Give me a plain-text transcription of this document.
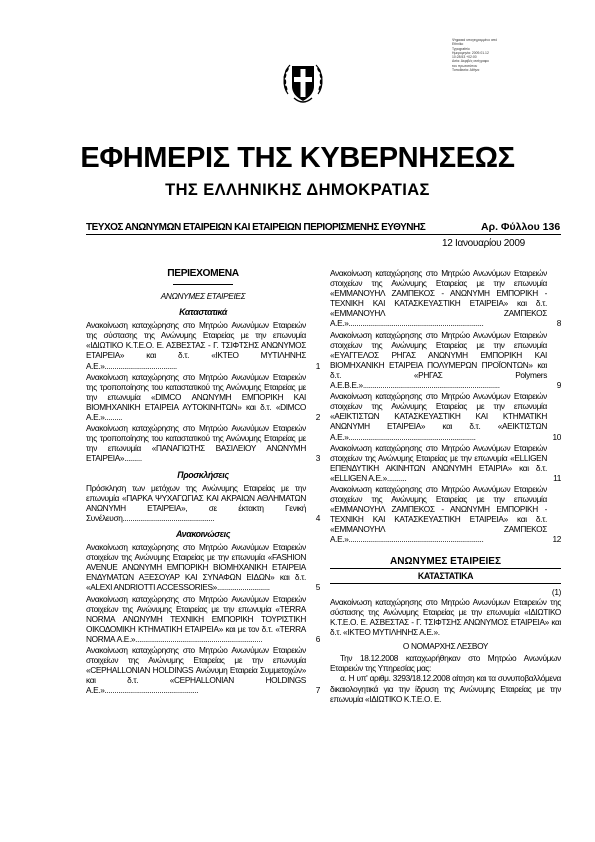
Ψηφιακά υπογεγραμμένο από
Ethniko
Typografeio
Ημερομηνία: 2009.01.12
10:28:53 +02:00
Αιτία: Ακριβές αντίγραφο
του πρωτοτύπου
Τοποθεσία: Αθήνα
ΕΦΗΜΕΡΙΣ ΤΗΣ ΚΥΒΕΡΝΗΣΕΩΣ
ΤΗΣ ΕΛΛΗΝΙΚΗΣ ΔΗΜΟΚΡΑΤΙΑΣ
ΤΕΥΧΟΣ ΑΝΩΝΥΜΩΝ ΕΤΑΙΡΕΙΩΝ ΚΑΙ ΕΤΑΙΡΕΙΩΝ ΠΕΡΙΟΡΙΣΜΕΝΗΣ ΕΥΘΥΝΗΣ	Αρ. Φύλλου 136
12 Ιανουαρίου 2009
ΠΕΡΙΕΧΟΜΕΝΑ
ΑΝΩΝΥΜΕΣ ΕΤΑΙΡΕΙΕΣ
Καταστατικά
Ανακοίνωση καταχώρησης στο Μητρώο Ανωνύμων Εταιρειών της σύστασης της Ανώνυμης Εταιρείας με την επωνυμία «ΙΔΙΩΤΙΚΟ Κ.Τ.Ε.Ο. Ε. ΑΣΒΕΣΤΑΣ - Γ. ΤΣΙΦΤΣΗΣ ΑΝΩΝΥΜΟΣ ΕΤΑΙΡΕΙΑ» και δ.τ. «ΙΚΤΕΟ ΜΥΤΙΛΗΝΗΣ Α.Ε.».....................................	1
Ανακοίνωση καταχώρησης στο Μητρώο Ανωνύμων Εταιρειών της τροποποίησης του καταστατικού της Ανώνυμης Εταιρείας με την επωνυμία «DIMCO ΑΝΩΝΥΜΗ ΕΜΠΟΡΙΚΗ ΚΑΙ ΒΙΟΜΗΧΑΝΙΚΗ ΕΤΑΙΡΕΙΑ ΑΥΤΟΚΙΝΗΤΩΝ» και δ.τ. «DIMCO A.E.».........	2
Ανακοίνωση καταχώρησης στο Μητρώο Ανωνύμων Εταιρειών της τροποποίησης του καταστατικού της Ανώνυμης Εταιρείας με την επωνυμία «ΠΑΝΑΓΙΩΤΗΣ ΒΑΣΙΛΕΙΟΥ ΑΝΩΝΥΜΗ ΕΤΑΙΡΕΙΑ».........	3
Προσκλήσεις
Πρόσκληση των μετόχων της Ανώνυμης Εταιρείας με την επωνυμία «ΠΑΡΚΑ ΨΥΧΑΓΩΓΙΑΣ ΚΑΙ ΑΚΡΑΙΩΝ ΑΘΛΗΜΑΤΩΝ ΑΝΩΝΥΜΗ ΕΤΑΙΡΕΙΑ», σε έκτακτη Γενική Συνέλευση...............................................	4
Ανακοινώσεις
Ανακοίνωση καταχώρησης στο Μητρώο Ανωνύμων Εταιρειών στοιχείων της Ανώνυμης Εταιρείας με την επωνυμία «FASHION AVENUE ΑΝΩΝΥΜΗ ΕΜΠΟΡΙΚΗ ΒΙΟΜΗΧΑΝΙΚΗ ΕΤΑΙΡΕΙΑ ΕΝΔΥΜΑΤΩΝ ΑΞΕΣΟΥΑΡ ΚΑΙ ΣΥΝΑΦΩΝ ΕΙΔΩΝ» και δ.τ. «ALEXI ANDRIOTTI ACCESSORIES»...........................	5
Ανακοίνωση καταχώρησης στο Μητρώο Ανωνύμων Εταιρειών στοιχείων της Ανώνυμης Εταιρείας με την επωνυμία «TERRA NORMA ΑΝΩΝΥΜΗ ΤΕΧΝΙΚΗ ΕΜΠΟΡΙΚΗ ΤΟΥΡΙΣΤΙΚΗ ΟΙΚΟΔΟΜΙΚΗ ΚΤΗΜΑΤΙΚΗ ΕΤΑΙΡΕΙΑ» και με τον δ.τ. «TERRA NORMA Α.Ε.».................................................................	6
Ανακοίνωση καταχώρησης στο Μητρώο Ανωνύμων Εταιρειών στοιχείων της Ανώνυμης Εταιρείας με την επωνυμία «CEPHALLONIAN HOLDINGS Ανώνυμη Εταιρεία Συμμετοχών» και δ.τ. «CEPHALLONIAN HOLDINGS A.E.»................................................	7
Ανακοίνωση καταχώρησης στο Μητρώο Ανωνύμων Εταιρειών στοιχείων της Ανώνυμης Εταιρείας με την επωνυμία «ΕΜΜΑΝΟΥΗΛ ΖΑΜΠΕΚΟΣ - ΑΝΩΝΥΜΗ ΕΜΠΟΡΙΚΗ - ΤΕΧΝΙΚΗ ΚΑΙ ΚΑΤΑΣΚΕΥΑΣΤΙΚΗ ΕΤΑΙΡΕΙΑ» και δ.τ. «ΕΜΜΑΝΟΥΗΛ ΖΑΜΠΕΚΟΣ Α.Ε.».....................................................................	8
Ανακοίνωση καταχώρησης στο Μητρώο Ανωνύμων Εταιρειών στοιχείων της Ανώνυμης Εταιρείας με την επωνυμία «ΕΥΑΓΓΕΛΟΣ ΡΗΓΑΣ ΑΝΩΝΥΜΗ ΕΜΠΟΡΙΚΗ ΚΑΙ ΒΙΟΜΗΧΑΝΙΚΗ ΕΤΑΙΡΕΙΑ ΠΟΛΥΜΕΡΩΝ ΠΡΟΪΟΝΤΩΝ» και δ.τ. «ΡΗΓΑΣ Polymers A.E.B.E.»......................................................................	9
Ανακοίνωση καταχώρησης στο Μητρώο Ανωνύμων Εταιρειών στοιχείων της Ανώνυμης Εταιρείας με την επωνυμία «ΑΕΙΚΤΙΣΤΩΝ ΚΑΤΑΣΚΕΥΑΣΤΙΚΗ ΚΑΙ ΚΤΗΜΑΤΙΚΗ ΑΝΩΝΥΜΗ ΕΤΑΙΡΕΙΑ» και δ.τ. «ΑΕΙΚΤΙΣΤΩΝ Α.Ε.».................................................................	10
Ανακοίνωση καταχώρησης στο Μητρώο Ανωνύμων Εταιρειών στοιχείων της Ανώνυμης Εταιρείας με την επωνυμία «ELLIGEN ΕΠΕΝΔΥΤΙΚΗ ΑΚΙΝΗΤΩΝ ΑΝΩΝΥΜΗ ΕΤΑΙΡΙΑ» και δ.τ. «ELLIGEN A.E.»..........	11
Ανακοίνωση καταχώρησης στο Μητρώο Ανωνύμων Εταιρειών στοιχείων της Ανώνυμης Εταιρείας με την επωνυμία «ΕΜΜΑΝΟΥΗΛ ΖΑΜΠΕΚΟΣ - ΑΝΩΝΥΜΗ ΕΜΠΟΡΙΚΗ - ΤΕΧΝΙΚΗ ΚΑΙ ΚΑΤΑΣΚΕΥΑΣΤΙΚΗ ΕΤΑΙΡΕΙΑ» και δ.τ. «ΕΜΜΑΝΟΥΗΛ ΖΑΜΠΕΚΟΣ Α.Ε.».....................................................................	12
ΑΝΩΝΥΜΕΣ ΕΤΑΙΡΕΙΕΣ
ΚΑΤΑΣΤΑΤΙΚΑ
(1)
Ανακοίνωση καταχώρησης στο Μητρώο Ανωνύμων Εταιρειών της σύστασης της Ανώνυμης Εταιρείας με την επωνυμία «ΙΔΙΩΤΙΚΟ Κ.Τ.Ε.Ο. Ε. ΑΣΒΕΣΤΑΣ - Γ. ΤΣΙΦΤΣΗΣ ΑΝΩΝΥΜΟΣ ΕΤΑΙΡΕΙΑ» και δ.τ. «ΙΚΤΕΟ ΜΥΤΙΛΗΝΗΣ Α.Ε.».
Ο ΝΟΜΑΡΧΗΣ ΛΕΣΒΟΥ
Την 18.12.2008 καταχωρήθηκαν στο Μητρώο Ανωνύμων Εταιρειών της Υπηρεσίας μας:
α. Η υπ' αριθμ. 3293/18.12.2008 αίτηση και τα συνυποβαλλόμενα δικαιολογητικά για την ίδρυση της Ανώνυμης Εταιρείας με την επωνυμία «ΙΔΙΩΤΙΚΟ Κ.Τ.Ε.Ο. Ε.
